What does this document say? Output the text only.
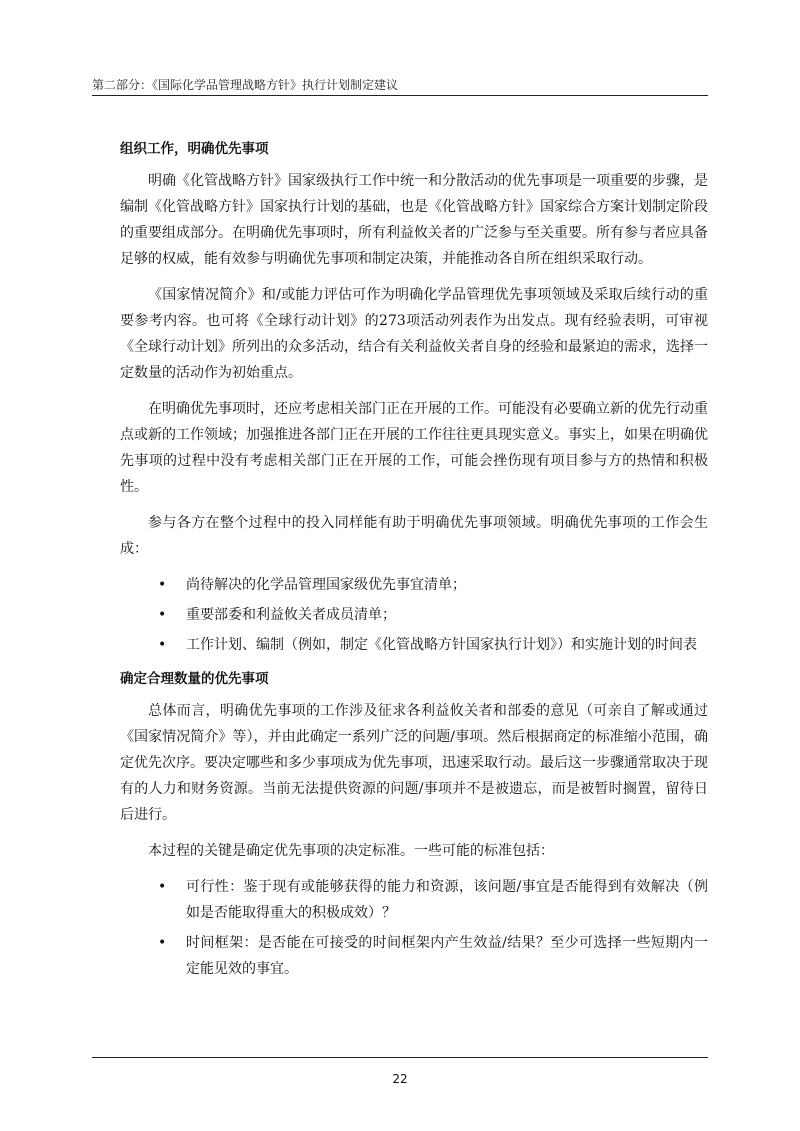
第二部分：《国际化学品管理战略方针》执行计划制定建议
组织工作，明确优先事项

明确《化管战略方针》国家级执行工作中统一和分散活动的优先事项是一项重要的步骤，是编制《化管战略方针》国家执行计划的基础，也是《化管战略方针》国家综合方案计划制定阶段的重要组成部分。在明确优先事项时，所有利益攸关者的广泛参与至关重要。所有参与者应具备足够的权威，能有效参与明确优先事项和制定决策，并能推动各自所在组织采取行动。

《国家情况简介》和/或能力评估可作为明确化学品管理优先事项领域及采取后续行动的重要参考内容。也可将《全球行动计划》的273项活动列表作为出发点。现有经验表明，可审视《全球行动计划》所列出的众多活动，结合有关利益攸关者自身的经验和最紧迫的需求，选择一定数量的活动作为初始重点。

在明确优先事项时，还应考虑相关部门正在开展的工作。可能没有必要确立新的优先行动重点或新的工作领域；加强推进各部门正在开展的工作往往更具现实意义。事实上，如果在明确优先事项的过程中没有考虑相关部门正在开展的工作，可能会挫伤现有项目参与方的热情和积极性。

参与各方在整个过程中的投入同样能有助于明确优先事项领域。明确优先事项的工作会生成：

• 尚待解决的化学品管理国家级优先事宜清单；
• 重要部委和利益攸关者成员清单；
• 工作计划、编制（例如，制定《化管战略方针国家执行计划》）和实施计划的时间表
确定合理数量的优先事项

总体而言，明确优先事项的工作涉及征求各利益攸关者和部委的意见（可亲自了解或通过《国家情况简介》等），并由此确定一系列广泛的问题/事项。然后根据商定的标准缩小范围，确定优先次序。要决定哪些和多少事项成为优先事项，迅速采取行动。最后这一步骤通常取决于现有的人力和财务资源。当前无法提供资源的问题/事项并不是被遗忘，而是被暂时搁置，留待日后进行。

本过程的关键是确定优先事项的决定标准。一些可能的标准包括：

• 可行性：鉴于现有或能够获得的能力和资源，该问题/事宜是否能得到有效解决（例如是否能取得重大的积极成效）？
• 时间框架：是否能在可接受的时间框架内产生效益/结果？至少可选择一些短期内一定能见效的事宜。
22
